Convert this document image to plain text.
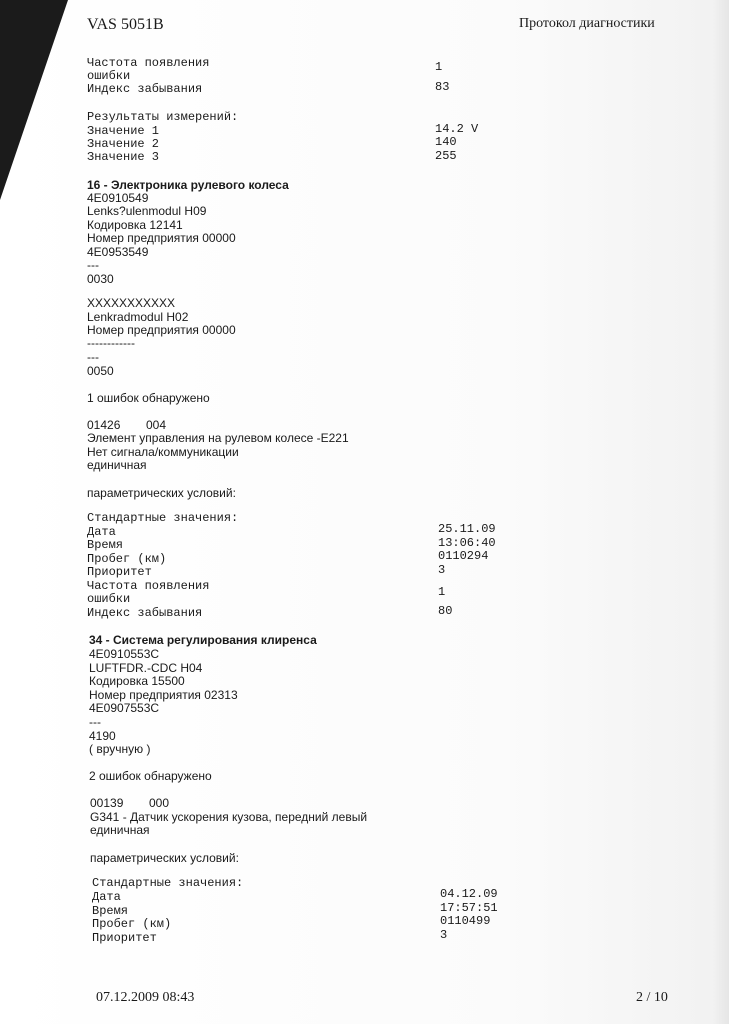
VAS 5051B	Протокол диагностики
Частота появления
ошибки
1
Индекс забывания	83
Результаты измерений:
Значение 1	14.2 V
Значение 2	140
Значение 3	255
16 - Электроника рулевого колеса
4E0910549
Lenks?ulenmodul H09
Кодировка 12141
Номер предприятия 00000
4E0953549
---
0030
XXXXXXXXXXX
Lenkradmodul H02
Номер предприятия 00000
------------
---
0050
1 ошибок обнаружено
01426 004
Элемент управления на рулевом колесе -E221
Нет сигнала/коммуникации
единичная
параметрических условий:
Стандартные значения:
Дата	25.11.09
Время	13:06:40
Пробег (км)	0110294
Приоритет	3
Частота появления
ошибки	1
Индекс забывания	80
34 - Система регулирования клиренса
4E0910553C
LUFTFDR.-CDC H04
Кодировка 15500
Номер предприятия 02313
4E0907553C
---
4190
( вручную )
2 ошибок обнаружено
00139 000
G341 - Датчик ускорения кузова, передний левый
единичная
параметрических условий:
Стандартные значения:
Дата	04.12.09
Время	17:57:51
Пробег (км)	0110499
Приоритет	3
07.12.2009 08:43	2 / 10
